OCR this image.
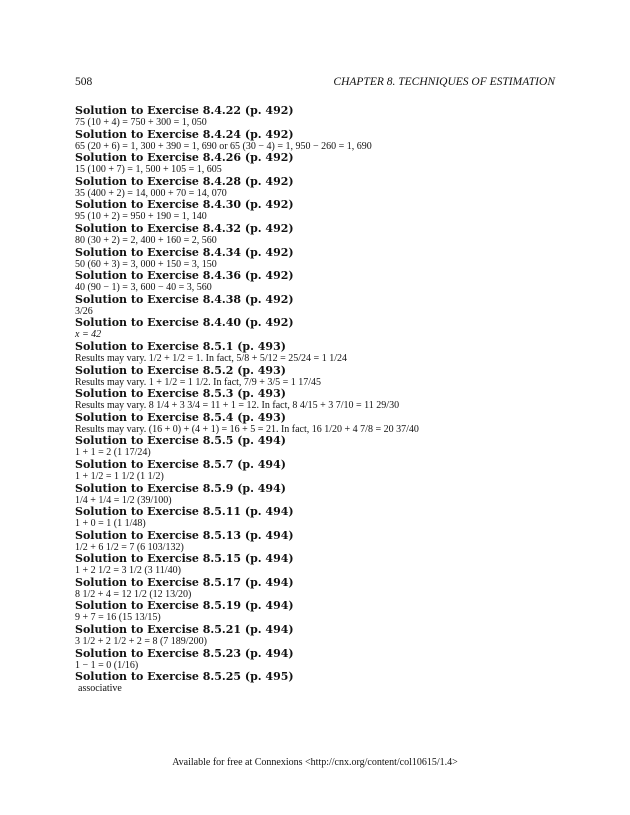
508	CHAPTER 8. TECHNIQUES OF ESTIMATION
Solution to Exercise 8.4.22 (p. 492)
75 (10 + 4) = 750 + 300 = 1, 050
Solution to Exercise 8.4.24 (p. 492)
65 (20 + 6) = 1, 300 + 390 = 1, 690 or 65 (30 − 4) = 1, 950 − 260 = 1, 690
Solution to Exercise 8.4.26 (p. 492)
15 (100 + 7) = 1, 500 + 105 = 1, 605
Solution to Exercise 8.4.28 (p. 492)
35 (400 + 2) = 14, 000 + 70 = 14, 070
Solution to Exercise 8.4.30 (p. 492)
95 (10 + 2) = 950 + 190 = 1, 140
Solution to Exercise 8.4.32 (p. 492)
80 (30 + 2) = 2, 400 + 160 = 2, 560
Solution to Exercise 8.4.34 (p. 492)
50 (60 + 3) = 3, 000 + 150 = 3, 150
Solution to Exercise 8.4.36 (p. 492)
40 (90 − 1) = 3, 600 − 40 = 3, 560
Solution to Exercise 8.4.38 (p. 492)
3/26
Solution to Exercise 8.4.40 (p. 492)
x = 42
Solution to Exercise 8.5.1 (p. 493)
Results may vary. 1/2 + 1/2 = 1. In fact, 5/8 + 5/12 = 25/24 = 1 1/24
Solution to Exercise 8.5.2 (p. 493)
Results may vary. 1 + 1/2 = 1 1/2. In fact, 7/9 + 3/5 = 1 17/45
Solution to Exercise 8.5.3 (p. 493)
Results may vary. 8 1/4 + 3 3/4 = 11 + 1 = 12. In fact, 8 4/15 + 3 7/10 = 11 29/30
Solution to Exercise 8.5.4 (p. 493)
Results may vary. (16 + 0) + (4 + 1) = 16 + 5 = 21. In fact, 16 1/20 + 4 7/8 = 20 37/40
Solution to Exercise 8.5.5 (p. 494)
1 + 1 = 2 (1 17/24)
Solution to Exercise 8.5.7 (p. 494)
1 + 1/2 = 1 1/2 (1 1/2)
Solution to Exercise 8.5.9 (p. 494)
1/4 + 1/4 = 1/2 (39/100)
Solution to Exercise 8.5.11 (p. 494)
1 + 0 = 1 (1 1/48)
Solution to Exercise 8.5.13 (p. 494)
1/2 + 6 1/2 = 7 (6 103/132)
Solution to Exercise 8.5.15 (p. 494)
1 + 2 1/2 = 3 1/2 (3 11/40)
Solution to Exercise 8.5.17 (p. 494)
8 1/2 + 4 = 12 1/2 (12 13/20)
Solution to Exercise 8.5.19 (p. 494)
9 + 7 = 16 (15 13/15)
Solution to Exercise 8.5.21 (p. 494)
3 1/2 + 2 1/2 + 2 = 8 (7 189/200)
Solution to Exercise 8.5.23 (p. 494)
1 − 1 = 0 (1/16)
Solution to Exercise 8.5.25 (p. 495)
associative
Available for free at Connexions <http://cnx.org/content/col10615/1.4>
